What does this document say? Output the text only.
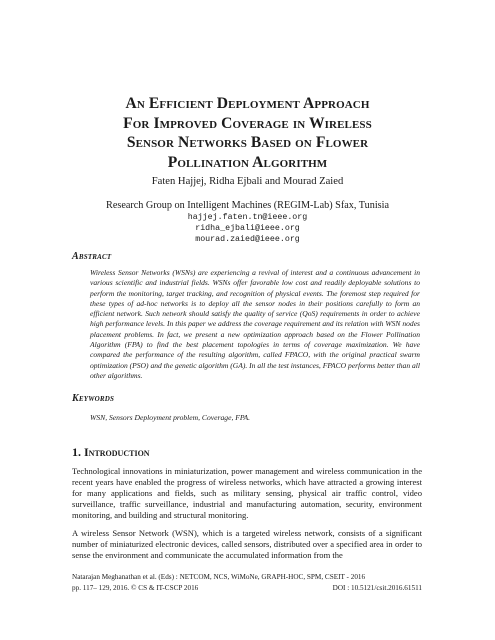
An Efficient Deployment Approach
For Improved Coverage in Wireless
Sensor Networks Based on Flower
Pollination Algorithm
Faten Hajjej, Ridha Ejbali and Mourad Zaied
Research Group on Intelligent Machines (REGIM-Lab) Sfax, Tunisia
hajjej.faten.tn@ieee.org
ridha_ejbali@ieee.org
mourad.zaied@ieee.org
Abstract
Wireless Sensor Networks (WSNs) are experiencing a revival of interest and a continuous advancement in various scientific and industrial fields. WSNs offer favorable low cost and readily deployable solutions to perform the monitoring, target tracking, and recognition of physical events. The foremost step required for these types of ad-hoc networks is to deploy all the sensor nodes in their positions carefully to form an efficient network. Such network should satisfy the quality of service (QoS) requirements in order to achieve high performance levels. In this paper we address the coverage requirement and its relation with WSN nodes placement problems. In fact, we present a new optimization approach based on the Flower Pollination Algorithm (FPA) to find the best placement topologies in terms of coverage maximization. We have compared the performance of the resulting algorithm, called FPACO, with the original practical swarm optimization (PSO) and the genetic algorithm (GA). In all the test instances, FPACO performs better than all other algorithms.
Keywords
WSN, Sensors Deployment problem, Coverage, FPA.
1. Introduction
Technological innovations in miniaturization, power management and wireless communication in the recent years have enabled the progress of wireless networks, which have attracted a growing interest for many applications and fields, such as military sensing, physical air traffic control, video surveillance, traffic surveillance, industrial and manufacturing automation, security, environment monitoring, and building and structural monitoring.
A wireless Sensor Network (WSN), which is a targeted wireless network, consists of a significant number of miniaturized electronic devices, called sensors, distributed over a specified area in order to sense the environment and communicate the accumulated information from the
Natarajan Meghanathan et al. (Eds) : NETCOM, NCS, WiMoNe, GRAPH-HOC, SPM, CSEIT - 2016
pp. 117– 129, 2016. © CS & IT-CSCP 2016	DOI : 10.5121/csit.2016.61511
